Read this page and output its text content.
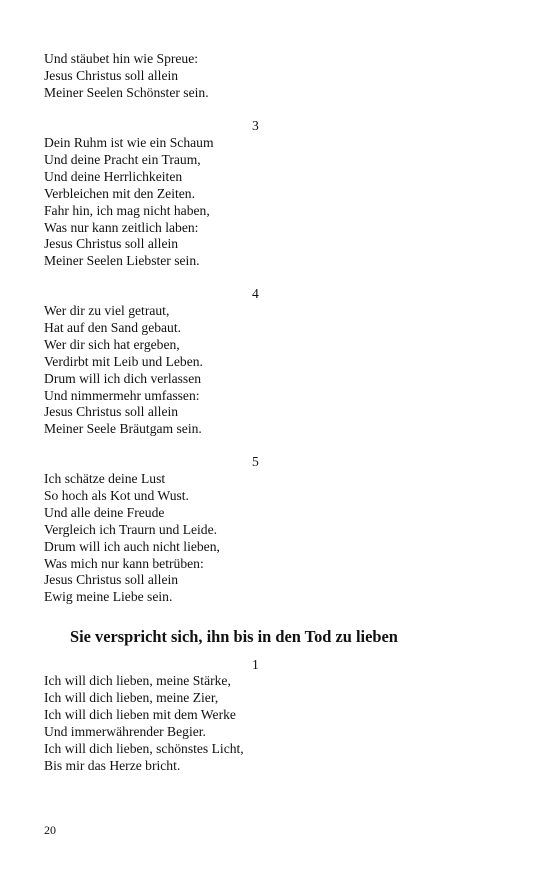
Und stäubet hin wie Spreue:
Jesus Christus soll allein
Meiner Seelen Schönster sein.
3
Dein Ruhm ist wie ein Schaum
Und deine Pracht ein Traum,
Und deine Herrlichkeiten
Verbleichen mit den Zeiten.
Fahr hin, ich mag nicht haben,
Was nur kann zeitlich laben:
Jesus Christus soll allein
Meiner Seelen Liebster sein.
4
Wer dir zu viel getraut,
Hat auf den Sand gebaut.
Wer dir sich hat ergeben,
Verdirbt mit Leib und Leben.
Drum will ich dich verlassen
Und nimmermehr umfassen:
Jesus Christus soll allein
Meiner Seele Bräutgam sein.
5
Ich schätze deine Lust
So hoch als Kot und Wust.
Und alle deine Freude
Vergleich ich Traurn und Leide.
Drum will ich auch nicht lieben,
Was mich nur kann betrüben:
Jesus Christus soll allein
Ewig meine Liebe sein.
Sie verspricht sich, ihn bis in den Tod zu lieben
1
Ich will dich lieben, meine Stärke,
Ich will dich lieben, meine Zier,
Ich will dich lieben mit dem Werke
Und immerwährender Begier.
Ich will dich lieben, schönstes Licht,
Bis mir das Herze bricht.
20
